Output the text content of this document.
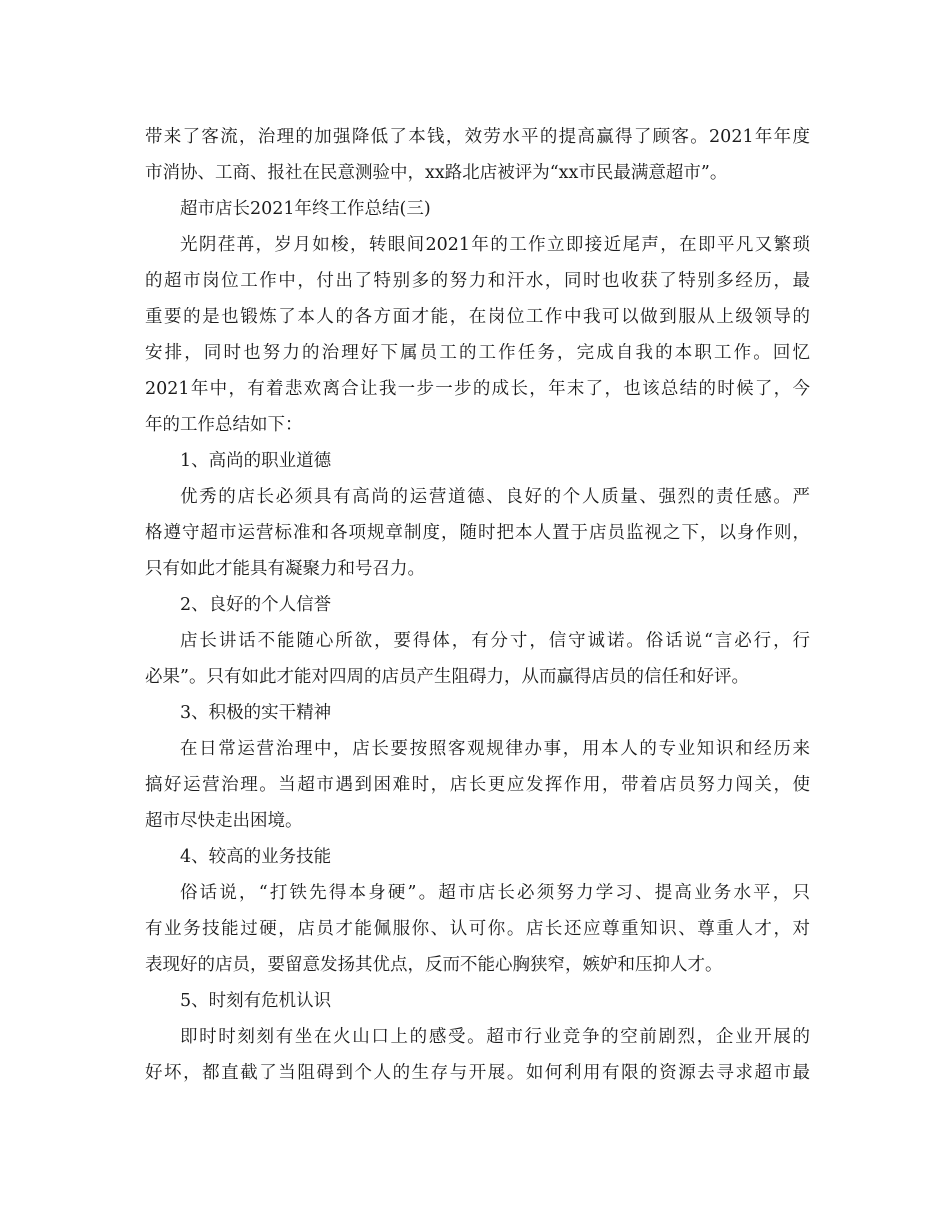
带来了客流，治理的加强降低了本钱，效劳水平的提高赢得了顾客。2021年年度
市消协、工商、报社在民意测验中，xx路北店被评为“xx市民最满意超市”。
超市店长2021年终工作总结(三)
光阴荏苒，岁月如梭，转眼间2021年的工作立即接近尾声，在即平凡又繁琐
的超市岗位工作中，付出了特别多的努力和汗水，同时也收获了特别多经历，最
重要的是也锻炼了本人的各方面才能，在岗位工作中我可以做到服从上级领导的
安排，同时也努力的治理好下属员工的工作任务，完成自我的本职工作。回忆
2021年中，有着悲欢离合让我一步一步的成长，年末了，也该总结的时候了，今
年的工作总结如下：
1、高尚的职业道德
优秀的店长必须具有高尚的运营道德、良好的个人质量、强烈的责任感。严
格遵守超市运营标准和各项规章制度，随时把本人置于店员监视之下，以身作则，
只有如此才能具有凝聚力和号召力。
2、良好的个人信誉
店长讲话不能随心所欲，要得体，有分寸，信守诚诺。俗话说“言必行，行
必果”。只有如此才能对四周的店员产生阻碍力，从而赢得店员的信任和好评。
3、积极的实干精神
在日常运营治理中，店长要按照客观规律办事，用本人的专业知识和经历来
搞好运营治理。当超市遇到困难时，店长更应发挥作用，带着店员努力闯关，使
超市尽快走出困境。
4、较高的业务技能
俗话说，“打铁先得本身硬”。超市店长必须努力学习、提高业务水平，只
有业务技能过硬，店员才能佩服你、认可你。店长还应尊重知识、尊重人才，对
表现好的店员，要留意发扬其优点，反而不能心胸狭窄，嫉妒和压抑人才。
5、时刻有危机认识
即时时刻刻有坐在火山口上的感受。超市行业竞争的空前剧烈，企业开展的
好坏，都直截了当阻碍到个人的生存与开展。如何利用有限的资源去寻求超市最
